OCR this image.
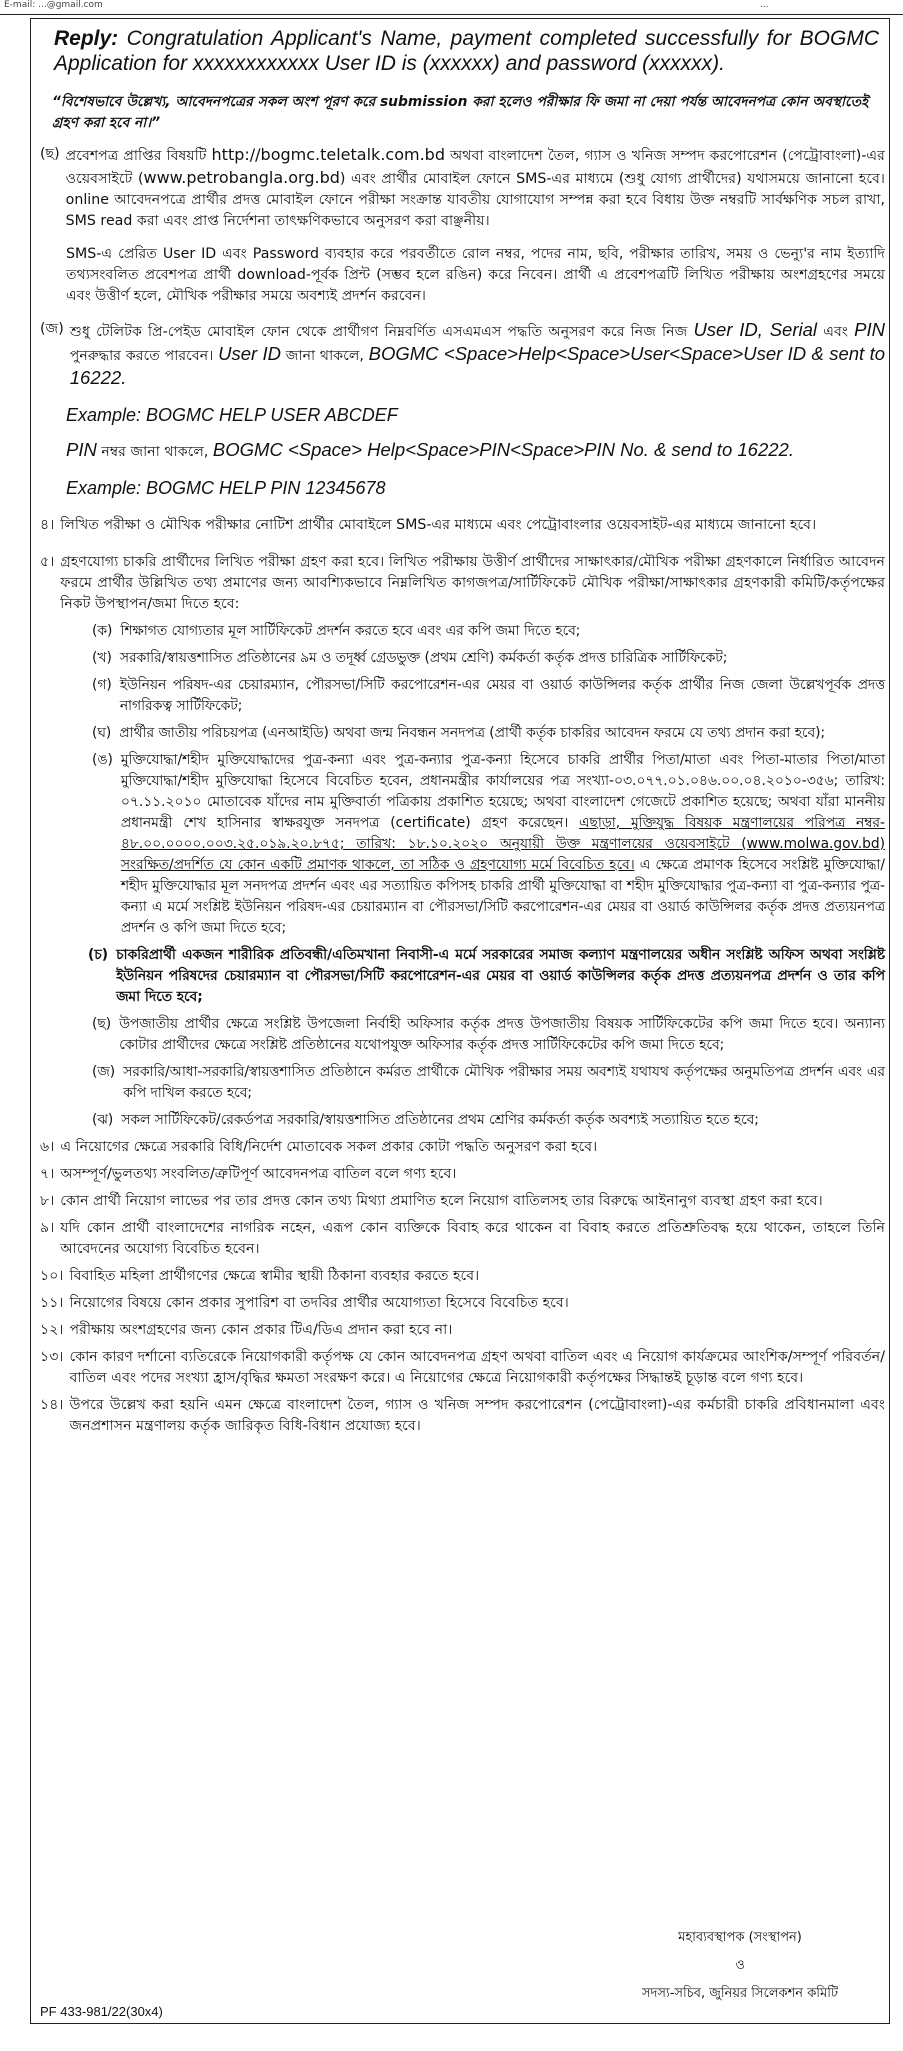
E-mail: ...@gmail.com	...

Reply: Congratulation Applicant's Name, payment completed successfully for BOGMC Application for xxxxxxxxxxxx User ID is (xxxxxx) and password (xxxxxx).

“বিশেষভাবে উল্লেখ্য, আবেদনপত্রের সকল অংশ পূরণ করে submission করা হলেও পরীক্ষার ফি জমা না দেয়া পর্যন্ত আবেদনপত্র কোন অবস্থাতেই গ্রহণ করা হবে না।”

(ছ) প্রবেশপত্র প্রাপ্তির বিষয়টি http://bogmc.teletalk.com.bd অথবা বাংলাদেশ তৈল, গ্যাস ও খনিজ সম্পদ করপোরেশন (পেট্রোবাংলা)-এর ওয়েবসাইটে (www.petrobangla.org.bd) এবং প্রার্থীর মোবাইল ফোনে SMS-এর মাধ্যমে (শুধু যোগ্য প্রার্থীদের) যথাসময়ে জানানো হবে। online আবেদনপত্রে প্রার্থীর প্রদত্ত মোবাইল ফোনে পরীক্ষা সংক্রান্ত যাবতীয় যোগাযোগ সম্পন্ন করা হবে বিধায় উক্ত নম্বরটি সার্বক্ষণিক সচল রাখা, SMS read করা এবং প্রাপ্ত নির্দেশনা তাৎক্ষণিকভাবে অনুসরণ করা বাঞ্ছনীয়।

SMS-এ প্রেরিত User ID এবং Password ব্যবহার করে পরবর্তীতে রোল নম্বর, পদের নাম, ছবি, পরীক্ষার তারিখ, সময় ও ভেন্যু'র নাম ইত্যাদি তথ্যসংবলিত প্রবেশপত্র প্রার্থী download-পূর্বক প্রিন্ট (সম্ভব হলে রঙিন) করে নিবেন। প্রার্থী এ প্রবেশপত্রটি লিখিত পরীক্ষায় অংশগ্রহণের সময়ে এবং উত্তীর্ণ হলে, মৌখিক পরীক্ষার সময়ে অবশ্যই প্রদর্শন করবেন।

(জ) শুধু টেলিটক প্রি-পেইড মোবাইল ফোন থেকে প্রার্থীগণ নিম্নবর্ণিত এসএমএস পদ্ধতি অনুসরণ করে নিজ নিজ User ID, Serial এবং PIN পুনরুদ্ধার করতে পারবেন। User ID জানা থাকলে, BOGMC <Space>Help<Space>User<Space>User ID & sent to 16222.

Example: BOGMC HELP USER ABCDEF

PIN নম্বর জানা থাকলে, BOGMC <Space> Help<Space>PIN<Space>PIN No. & send to 16222.

Example: BOGMC HELP PIN 12345678

৪। লিখিত পরীক্ষা ও মৌখিক পরীক্ষার নোটিশ প্রার্থীর মোবাইলে SMS-এর মাধ্যমে এবং পেট্রোবাংলার ওয়েবসাইট-এর মাধ্যমে জানানো হবে।
৫। গ্রহণযোগ্য চাকরি প্রার্থীদের লিখিত পরীক্ষা গ্রহণ করা হবে। লিখিত পরীক্ষায় উত্তীর্ণ প্রার্থীদের সাক্ষাৎকার/মৌখিক পরীক্ষা গ্রহণকালে নির্ধারিত আবেদন ফরমে প্রার্থীর উল্লিখিত তথ্য প্রমাণের জন্য আবশ্যিকভাবে নিম্নলিখিত কাগজপত্র/সার্টিফিকেট মৌখিক পরীক্ষা/সাক্ষাৎকার গ্রহণকারী কমিটি/কর্তৃপক্ষের নিকট উপস্থাপন/জমা দিতে হবে:
(ক) শিক্ষাগত যোগ্যতার মূল সার্টিফিকেট প্রদর্শন করতে হবে এবং এর কপি জমা দিতে হবে;
(খ) সরকারি/স্বায়ত্তশাসিত প্রতিষ্ঠানের ৯ম ও তদূর্ধ্ব গ্রেডভুক্ত (প্রথম শ্রেণি) কর্মকর্তা কর্তৃক প্রদত্ত চারিত্রিক সার্টিফিকেট;
(গ) ইউনিয়ন পরিষদ-এর চেয়ারম্যান, পৌরসভা/সিটি করপোরেশন-এর মেয়র বা ওয়ার্ড কাউন্সিলর কর্তৃক প্রার্থীর নিজ জেলা উল্লেখপূর্বক প্রদত্ত নাগরিকত্ব সার্টিফিকেট;
(ঘ) প্রার্থীর জাতীয় পরিচয়পত্র (এনআইডি) অথবা জন্ম নিবন্ধন সনদপত্র (প্রার্থী কর্তৃক চাকরির আবেদন ফরমে যে তথ্য প্রদান করা হবে);
(ঙ) মুক্তিযোদ্ধা/শহীদ মুক্তিযোদ্ধাদের পুত্র-কন্যা এবং পুত্র-কন্যার পুত্র-কন্যা হিসেবে চাকরি প্রার্থীর পিতা/মাতা এবং পিতা-মাতার পিতা/মাতা মুক্তিযোদ্ধা/শহীদ মুক্তিযোদ্ধা হিসেবে বিবেচিত হবেন, প্রধানমন্ত্রীর কার্যালয়ের পত্র সংখ্যা-০৩.০৭৭.০১.০৪৬.০০.০৪.২০১০-৩৫৬; তারিখ: ০৭.১১.২০১০ মোতাবেক যাঁদের নাম মুক্তিবার্তা পত্রিকায় প্রকাশিত হয়েছে; অথবা বাংলাদেশ গেজেটে প্রকাশিত হয়েছে; অথবা যাঁরা মাননীয় প্রধানমন্ত্রী শেখ হাসিনার স্বাক্ষরযুক্ত সনদপত্র (certificate) গ্রহণ করেছেন। এছাড়া, মুক্তিযুদ্ধ বিষয়ক মন্ত্রণালয়ের পরিপত্র নম্বর- ৪৮.০০.০০০০.০০৩.২৫.০১৯.২০.৮৭৫; তারিখ: ১৮.১০.২০২০ অনুযায়ী উক্ত মন্ত্রণালয়ের ওয়েবসাইটে (www.molwa.gov.bd) সংরক্ষিত/প্রদর্শিত যে কোন একটি প্রমাণক থাকলে, তা সঠিক ও গ্রহণযোগ্য মর্মে বিবেচিত হবে। এ ক্ষেত্রে প্রমাণক হিসেবে সংশ্লিষ্ট মুক্তিযোদ্ধা/শহীদ মুক্তিযোদ্ধার মূল সনদপত্র প্রদর্শন এবং এর সত্যায়িত কপিসহ চাকরি প্রার্থী মুক্তিযোদ্ধা বা শহীদ মুক্তিযোদ্ধার পুত্র-কন্যা বা পুত্র-কন্যার পুত্র-কন্যা এ মর্মে সংশ্লিষ্ট ইউনিয়ন পরিষদ-এর চেয়ারম্যান বা পৌরসভা/সিটি করপোরেশন-এর মেয়র বা ওয়ার্ড কাউন্সিলর কর্তৃক প্রদত্ত প্রত্যয়নপত্র প্রদর্শন ও কপি জমা দিতে হবে;
(চ) চাকরিপ্রার্থী একজন শারীরিক প্রতিবন্ধী/এতিমখানা নিবাসী-এ মর্মে সরকারের সমাজ কল্যাণ মন্ত্রণালয়ের অধীন সংশ্লিষ্ট অফিস অথবা সংশ্লিষ্ট ইউনিয়ন পরিষদের চেয়ারম্যান বা পৌরসভা/সিটি করপোরেশন-এর মেয়র বা ওয়ার্ড কাউন্সিলর কর্তৃক প্রদত্ত প্রত্যয়নপত্র প্রদর্শন ও তার কপি জমা দিতে হবে;
(ছ) উপজাতীয় প্রার্থীর ক্ষেত্রে সংশ্লিষ্ট উপজেলা নির্বাহী অফিসার কর্তৃক প্রদত্ত উপজাতীয় বিষয়ক সার্টিফিকেটের কপি জমা দিতে হবে। অন্যান্য কোটার প্রার্থীদের ক্ষেত্রে সংশ্লিষ্ট প্রতিষ্ঠানের যথোপযুক্ত অফিসার কর্তৃক প্রদত্ত সার্টিফিকেটের কপি জমা দিতে হবে;
(জ) সরকারি/আধা-সরকারি/স্বায়ত্তশাসিত প্রতিষ্ঠানে কর্মরত প্রার্থীকে মৌখিক পরীক্ষার সময় অবশ্যই যথাযথ কর্তৃপক্ষের অনুমতিপত্র প্রদর্শন এবং এর কপি দাখিল করতে হবে;
(ঝ) সকল সার্টিফিকেট/রেকর্ডপত্র সরকারি/স্বায়ত্তশাসিত প্রতিষ্ঠানের প্রথম শ্রেণির কর্মকর্তা কর্তৃক অবশ্যই সত্যায়িত হতে হবে;
৬। এ নিয়োগের ক্ষেত্রে সরকারি বিধি/নির্দেশ মোতাবেক সকল প্রকার কোটা পদ্ধতি অনুসরণ করা হবে।
৭। অসম্পূর্ণ/ভুলতথ্য সংবলিত/ত্রুটিপূর্ণ আবেদনপত্র বাতিল বলে গণ্য হবে।
৮। কোন প্রার্থী নিয়োগ লাভের পর তার প্রদত্ত কোন তথ্য মিথ্যা প্রমাণিত হলে নিয়োগ বাতিলসহ তার বিরুদ্ধে আইনানুগ ব্যবস্থা গ্রহণ করা হবে।
৯। যদি কোন প্রার্থী বাংলাদেশের নাগরিক নহেন, এরূপ কোন ব্যক্তিকে বিবাহ করে থাকেন বা বিবাহ করতে প্রতিশ্রুতিবদ্ধ হয়ে থাকেন, তাহলে তিনি আবেদনের অযোগ্য বিবেচিত হবেন।
১০। বিবাহিত মহিলা প্রার্থীগণের ক্ষেত্রে স্বামীর স্থায়ী ঠিকানা ব্যবহার করতে হবে।
১১। নিয়োগের বিষয়ে কোন প্রকার সুপারিশ বা তদবির প্রার্থীর অযোগ্যতা হিসেবে বিবেচিত হবে।
১২। পরীক্ষায় অংশগ্রহণের জন্য কোন প্রকার টিএ/ডিএ প্রদান করা হবে না।
১৩। কোন কারণ দর্শানো ব্যতিরেকে নিয়োগকারী কর্তৃপক্ষ যে কোন আবেদনপত্র গ্রহণ অথবা বাতিল এবং এ নিয়োগ কার্যক্রমের আংশিক/সম্পূর্ণ পরিবর্তন/বাতিল এবং পদের সংখ্যা হ্রাস/বৃদ্ধির ক্ষমতা সংরক্ষণ করে। এ নিয়োগের ক্ষেত্রে নিয়োগকারী কর্তৃপক্ষের সিদ্ধান্তই চূড়ান্ত বলে গণ্য হবে।
১৪। উপরে উল্লেখ করা হয়নি এমন ক্ষেত্রে বাংলাদেশ তৈল, গ্যাস ও খনিজ সম্পদ করপোরেশন (পেট্রোবাংলা)-এর কর্মচারী চাকরি প্রবিধানমালা এবং জনপ্রশাসন মন্ত্রণালয় কর্তৃক জারিকৃত বিধি-বিধান প্রযোজ্য হবে।
মহাব্যবস্থাপক (সংস্থাপন)
ও
সদস্য-সচিব, জুনিয়র সিলেকশন কমিটি
PF 433-981/22(30x4)
